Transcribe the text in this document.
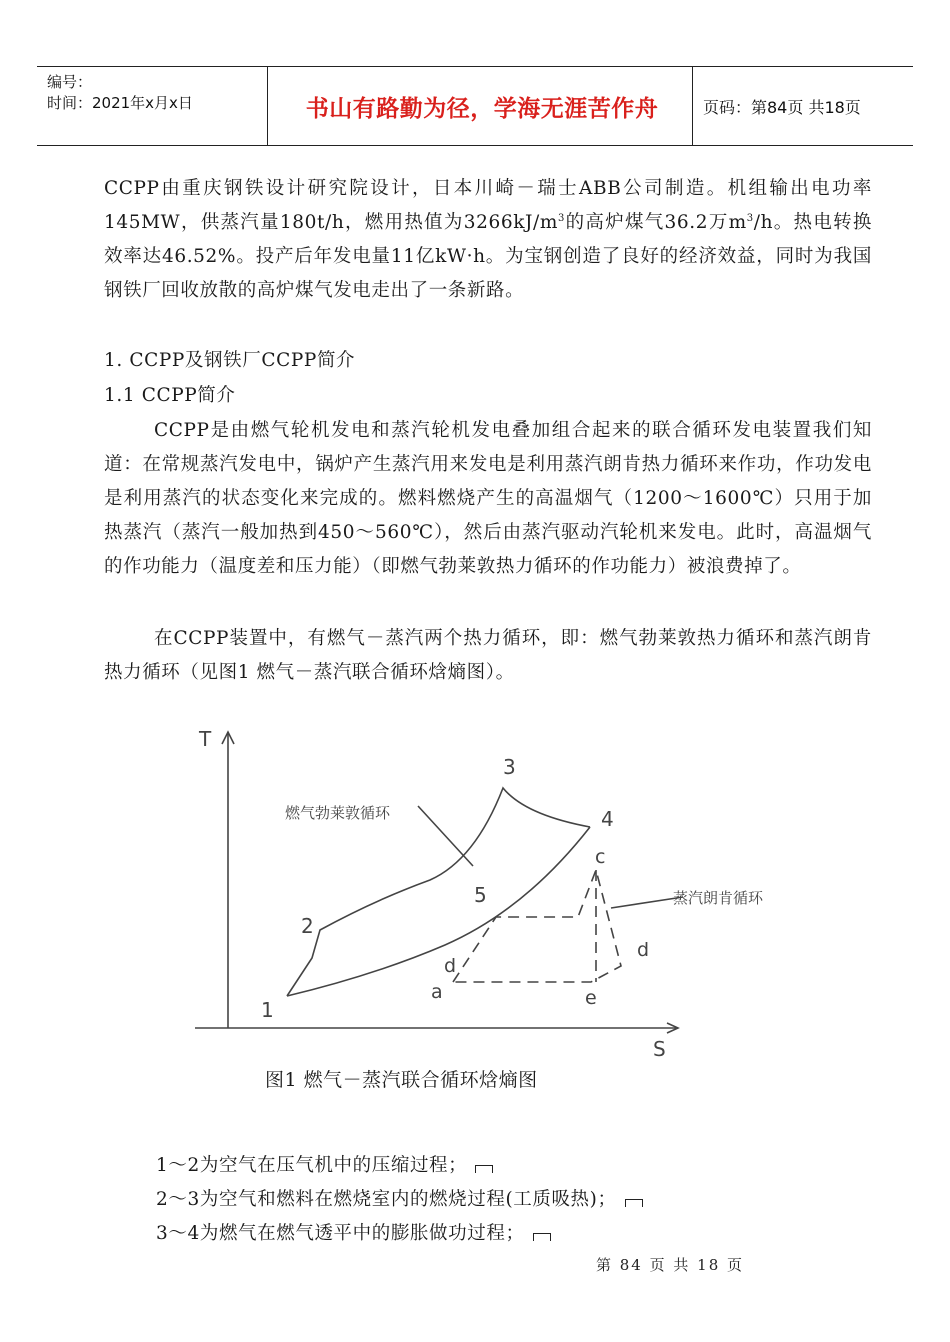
编号：
时间：2021年x月x日	书山有路勤为径，学海无涯苦作舟	页码：第84页 共18页
CCPP由重庆钢铁设计研究院设计，日本川崎－瑞士ABB公司制造。机组输出电功率145MW，供蒸汽量180t/h，燃用热值为$3266kJ/m^3$的高炉煤气36.2万$m^3/h$。热电转换效率达46.52%。投产后年发电量11亿kW·h。为宝钢创造了良好的经济效益，同时为我国钢铁厂回收放散的高炉煤气发电走出了一条新路。
1. CCPP及钢铁厂CCPP简介
1.1 CCPP简介
CCPP是由燃气轮机发电和蒸汽轮机发电叠加组合起来的联合循环发电装置我们知道：在常规蒸汽发电中，锅炉产生蒸汽用来发电是利用蒸汽朗肯热力循环来作功，作功发电是利用蒸汽的状态变化来完成的。燃料燃烧产生的高温烟气（1200～1600℃）只用于加热蒸汽（蒸汽一般加热到450～560℃），然后由蒸汽驱动汽轮机来发电。此时，高温烟气的作功能力（温度差和压力能）（即燃气勃莱敦热力循环的作功能力）被浪费掉了。
在CCPP装置中，有燃气－蒸汽两个热力循环，即：燃气勃莱敦热力循环和蒸汽朗肯热力循环（见图1 燃气－蒸汽联合循环焓熵图）。
T
S
燃气勃莱敦循环
蒸汽朗肯循环
1
2
3
4
5
a
c
d
d
e
图1 燃气－蒸汽联合循环焓熵图
1～2为空气在压气机中的压缩过程；
2～3为空气和燃料在燃烧室内的燃烧过程(工质吸热)；
3～4为燃气在燃气透平中的膨胀做功过程；
第 84 页 共 18 页
